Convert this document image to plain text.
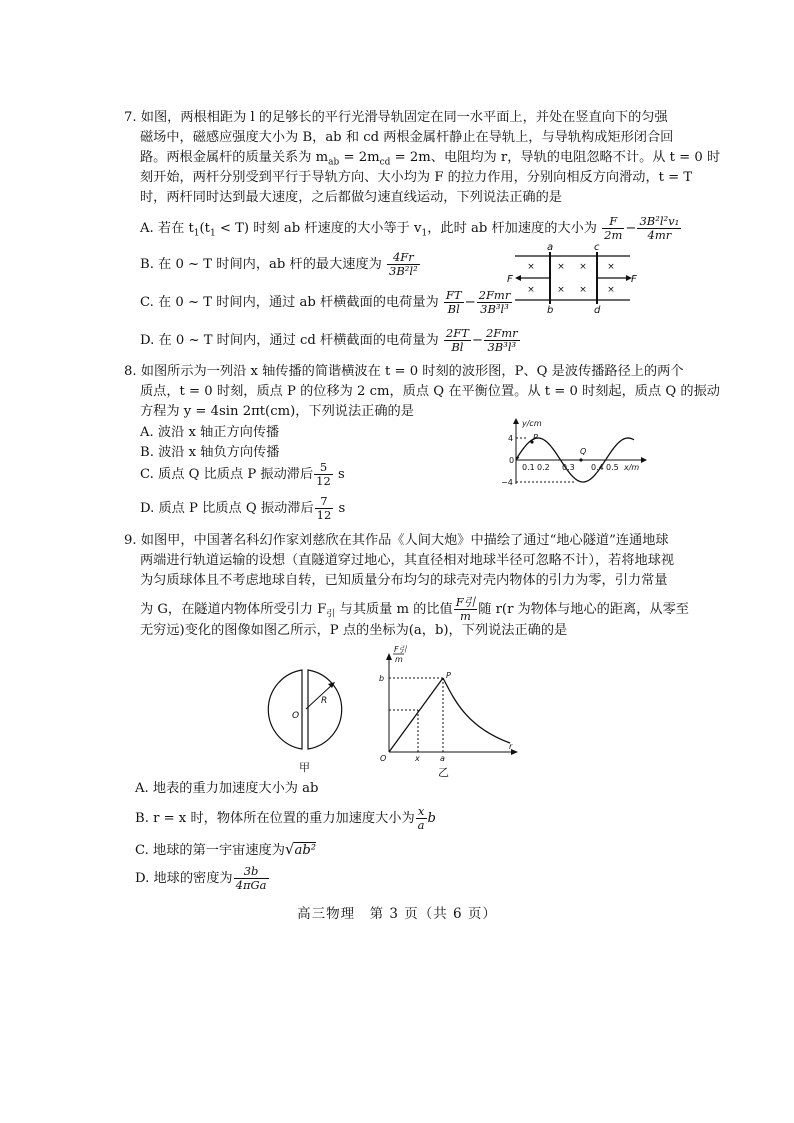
7. 如图，两根相距为 l 的足够长的平行光滑导轨固定在同一水平面上，并处在竖直向下的匀强
磁场中，磁感应强度大小为 B，ab 和 cd 两根金属杆静止在导轨上，与导轨构成矩形闭合回
路。两根金属杆的质量关系为 $m_{ab} = 2m_{cd} = 2m$、电阻均为 r，导轨的电阻忽略不计。从 t = 0 时
刻开始，两杆分别受到平行于导轨方向、大小均为 F 的拉力作用，分别向相反方向滑动，t = T
时，两杆同时达到最大速度，之后都做匀速直线运动，下列说法正确的是
A. 若在 $t_1(t_1 < T)$ 时刻 ab 杆速度的大小等于 $v_1$，此时 ab 杆加速度的大小为 $\frac{F}{2m} - \frac{\text{3B²l²v₁}}{4mr}$
B. 在 0 ~ T 时间内，ab 杆的最大速度为 $\frac{4Fr}{\text{3B²l²}}$
C. 在 0 ~ T 时间内，通过 ab 杆横截面的电荷量为 $\frac{FT}{Bl} - \frac{\text{2Fmr}}{\text{3B³l³}}$
D. 在 0 ~ T 时间内，通过 cd 杆横截面的电荷量为 $\frac{2FT}{Bl} - \frac{\text{2Fmr}}{\text{3B³l³}}$
× × × ×
× × × ×
a	c
b	d
F	F
8. 如图所示为一列沿 x 轴传播的简谐横波在 t = 0 时刻的波形图，P、Q 是波传播路径上的两个
质点，t = 0 时刻，质点 P 的位移为 2 cm，质点 Q 在平衡位置。从 t = 0 时刻起，质点 Q 的振动
方程为 y = 4sin 2πt(cm)，下列说法正确的是
A. 波沿 x 轴正方向传播
B. 波沿 x 轴负方向传播
C. 质点 Q 比质点 P 振动滞后 $\frac{5}{12}$ s
D. 质点 P 比质点 Q 振动滞后 $\frac{7}{12}$ s
y/cm
4
−4
0
0.1 0.2 0.3 0.4 0.5 x/m
P
Q
9. 如图甲，中国著名科幻作家刘慈欣在其作品《人间大炮》中描绘了通过“地心隧道”连通地球
两端进行轨道运输的设想（直隧道穿过地心，其直径相对地球半径可忽略不计），若将地球视
为匀质球体且不考虑地球自转，已知质量分布均匀的球壳对壳内物体的引力为零，引力常量
为 G，在隧道内物体所受引力 $F_引$ 与其质量 m 的比值 $\frac{\text{F引}}{m}$ 随 r(r 为物体与地心的距离，从零至
无穷远)变化的图像如图乙所示，P 点的坐标为(a，b)，下列说法正确的是
O
R
甲
F引
m
b	P
O	x	a
r
乙
A. 地表的重力加速度大小为 ab
B. r = x 时，物体所在位置的重力加速度大小为 $\frac{x}{a}$ b
C. 地球的第一宇宙速度为√ab²
D. 地球的密度为 $\frac{3b}{\text{4πGa}}$
高三物理　第 3 页（共 6 页）
